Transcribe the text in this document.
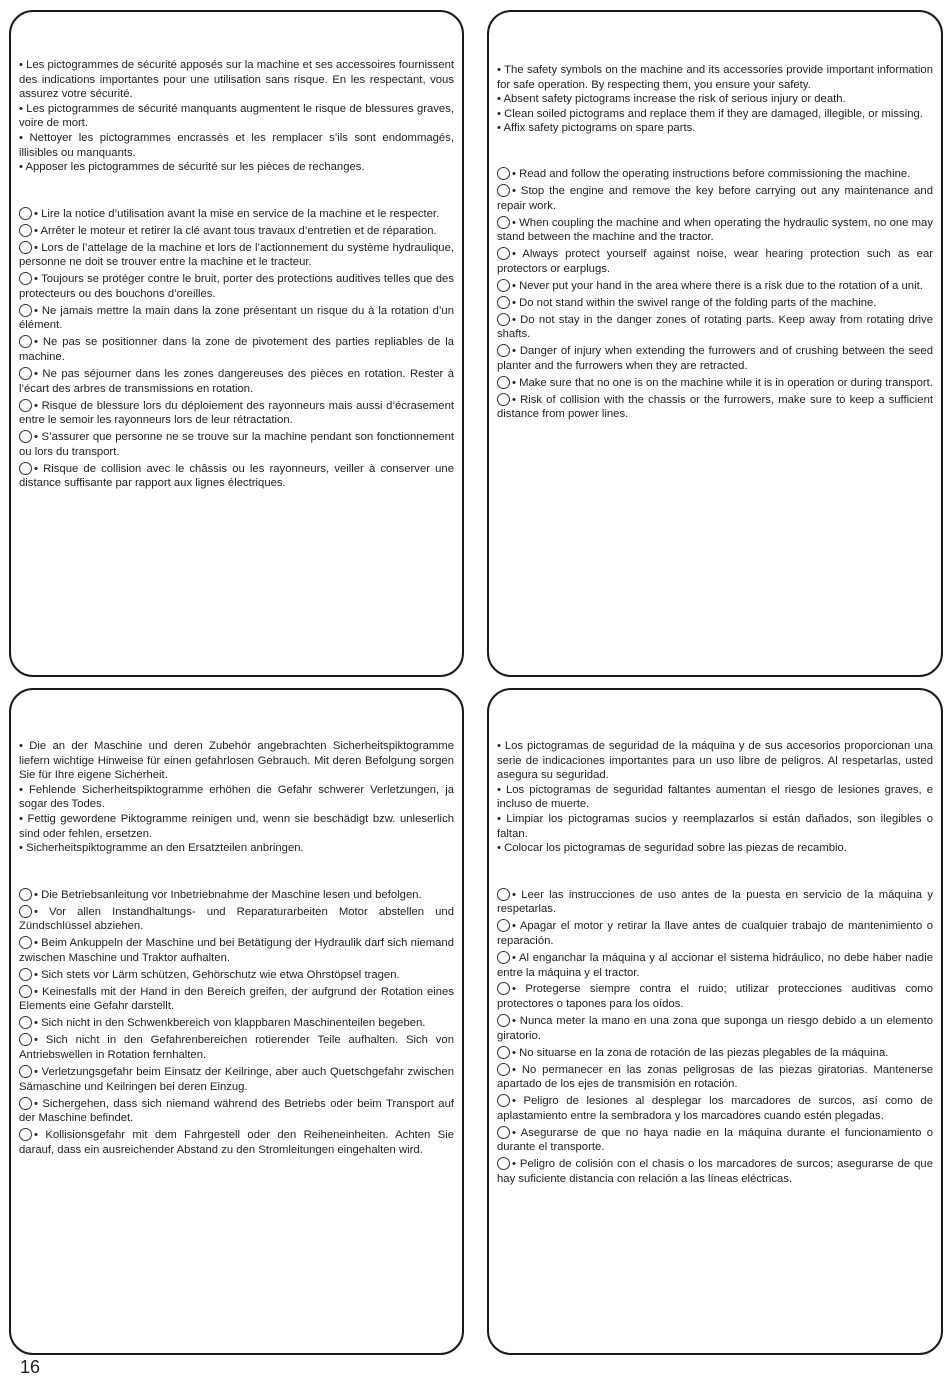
• Les pictogrammes de sécurité apposés sur la machine et ses accessoires fournissent des indications importantes pour une utilisation sans risque. En les respectant, vous assurez votre sécurité.
• Les pictogrammes de sécurité manquants augmentent le risque de blessures graves, voire de mort.
• Nettoyer les pictogrammes encrassés et les remplacer s’ils sont endommagés, illisibles ou manquants.
• Apposer les pictogrammes de sécurité sur les pièces de rechanges.
• Lire la notice d’utilisation avant la mise en service de la machine et le respecter.
• Arrêter le moteur et retirer la clé avant tous travaux d’entretien et de réparation.
• Lors de l’attelage de la machine et lors de l’actionnement du système hydraulique, personne ne doit se trouver entre la machine et le tracteur.
• Toujours se protéger contre le bruit, porter des protections auditives telles que des protecteurs ou des bouchons d’oreilles.
• Ne jamais mettre la main dans la zone présentant un risque du à la rotation d’un élément.
• Ne pas se positionner dans la zone de pivotement des parties repliables de la machine.
• Ne pas séjourner dans les zones dangereuses des pièces en rotation. Rester à l’écart des arbres de transmissions en rotation.
• Risque de blessure lors du déploiement des rayonneurs mais aussi d’écrasement entre le semoir les rayonneurs lors de leur rétractation.
• S’assurer que personne ne se trouve sur la machine pendant son fonctionnement ou lors du transport.
• Risque de collision avec le châssis ou les rayonneurs, veiller à conserver une distance suffisante par rapport aux lignes électriques.
• The safety symbols on the machine and its accessories provide important information for safe operation. By respecting them, you ensure your safety.
• Absent safety pictograms increase the risk of serious injury or death.
• Clean soiled pictograms and replace them if they are damaged, illegible, or missing.
• Affix safety pictograms on spare parts.
• Read and follow the operating instructions before commissioning the machine.
• Stop the engine and remove the key before carrying out any maintenance and repair work.
• When coupling the machine and when operating the hydraulic system, no one may stand between the machine and the tractor.
• Always protect yourself against noise, wear hearing protection such as ear protectors or earplugs.
• Never put your hand in the area where there is a risk due to the rotation of a unit.
• Do not stand within the swivel range of the folding parts of the machine.
• Do not stay in the danger zones of rotating parts. Keep away from rotating drive shafts.
• Danger of injury when extending the furrowers and of crushing between the seed planter and the furrowers when they are retracted.
• Make sure that no one is on the machine while it is in operation or during transport.
• Risk of collision with the chassis or the furrowers, make sure to keep a sufficient distance from power lines.
• Die an der Maschine und deren Zubehör angebrachten Sicherheitspiktogramme liefern wichtige Hinweise für einen gefahrlosen Gebrauch. Mit deren Befolgung sorgen Sie für Ihre eigene Sicherheit.
• Fehlende Sicherheitspiktogramme erhöhen die Gefahr schwerer Verletzungen, ja sogar des Todes.
• Fettig gewordene Piktogramme reinigen und, wenn sie beschädigt bzw. unleserlich sind oder fehlen, ersetzen.
• Sicherheitspiktogramme an den Ersatzteilen anbringen.
• Die Betriebsanleitung vor Inbetriebnahme der Maschine lesen und befolgen.
• Vor allen Instandhaltungs- und Reparaturarbeiten Motor abstellen und Zündschlüssel abziehen.
• Beim Ankuppeln der Maschine und bei Betätigung der Hydraulik darf sich niemand zwischen Maschine und Traktor aufhalten.
• Sich stets vor Lärm schützen, Gehörschutz wie etwa Ohrstöpsel tragen.
• Keinesfalls mit der Hand in den Bereich greifen, der aufgrund der Rotation eines Elements eine Gefahr darstellt.
• Sich nicht in den Schwenkbereich von klappbaren Maschinenteilen begeben.
• Sich nicht in den Gefahrenbereichen rotierender Teile aufhalten. Sich von Antriebswellen in Rotation fernhalten.
• Verletzungsgefahr beim Einsatz der Keilringe, aber auch Quetschgefahr zwischen Sämaschine und Keilringen bei deren Einzug.
• Sichergehen, dass sich niemand während des Betriebs oder beim Transport auf der Maschine befindet.
• Kollisionsgefahr mit dem Fahrgestell oder den Reiheneinheiten. Achten Sie darauf, dass ein ausreichender Abstand zu den Stromleitungen eingehalten wird.
• Los pictogramas de seguridad de la máquina y de sus accesorios proporcionan una serie de indicaciones importantes para un uso libre de peligros. Al respetarlas, usted asegura su seguridad.
• Los pictogramas de seguridad faltantes aumentan el riesgo de lesiones graves, e incluso de muerte.
• Limpiar los pictogramas sucios y reemplazarlos si están dañados, son ilegibles o faltan.
• Colocar los pictogramas de seguridad sobre las piezas de recambio.
• Leer las instrucciones de uso antes de la puesta en servicio de la máquina y respetarlas.
• Apagar el motor y retirar la llave antes de cualquier trabajo de mantenimiento o reparación.
• Al enganchar la máquina y al accionar el sistema hidráulico, no debe haber nadie entre la máquina y el tractor.
• Protegerse siempre contra el ruido; utilizar protecciones auditivas como protectores o tapones para los oídos.
• Nunca meter la mano en una zona que suponga un riesgo debido a un elemento giratorio.
• No situarse en la zona de rotación de las piezas plegables de la máquina.
• No permanecer en las zonas peligrosas de las piezas giratorias. Mantenerse apartado de los ejes de transmisión en rotación.
• Peligro de lesiones al desplegar los marcadores de surcos, así como de aplastamiento entre la sembradora y los marcadores cuando estén plegadas.
• Asegurarse de que no haya nadie en la máquina durante el funcionamiento o durante el transporte.
• Peligro de colisión con el chasis o los marcadores de surcos; asegurarse de que hay suficiente distancia con relación a las líneas eléctricas.
16
